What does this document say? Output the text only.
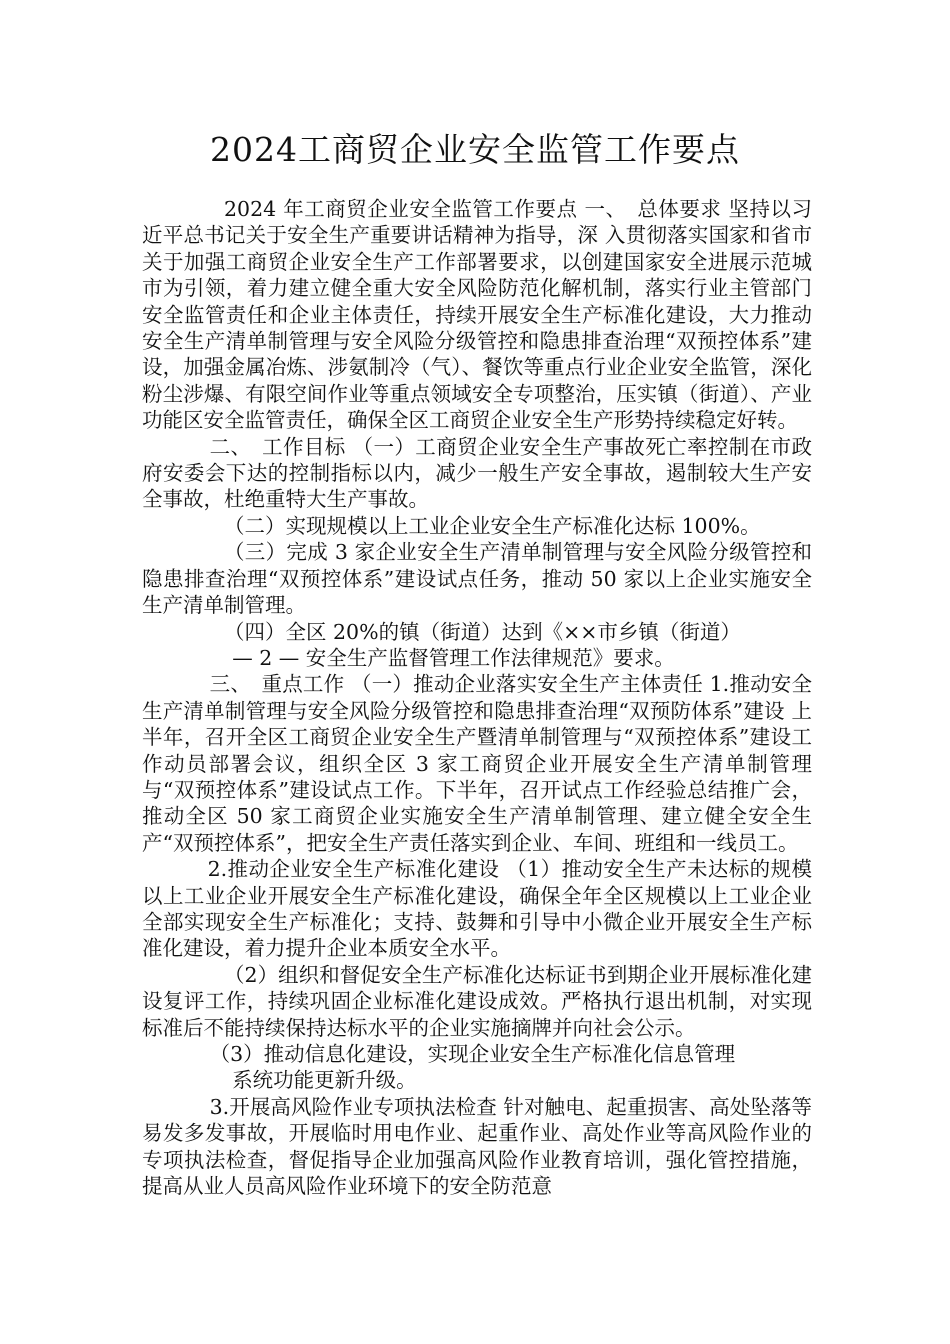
2024工商贸企业安全监管工作要点

2024 年工商贸企业安全监管工作要点 一、　总体要求 坚持以习近平总书记关于安全生产重要讲话精神为指导，深 入贯彻落实国家和省市关于加强工商贸企业安全生产工作部署要求，以创建国家安全进展示范城市为引领，着力建立健全重大安全风险防范化解机制，落实行业主管部门安全监管责任和企业主体责任，持续开展安全生产标准化建设，大力推动安全生产清单制管理与安全风险分级管控和隐患排查治理“双预控体系”建设，加强金属冶炼、涉氨制冷（气）、餐饮等重点行业企业安全监管，深化粉尘涉爆、有限空间作业等重点领域安全专项整治，压实镇（街道）、产业功能区安全监管责任，确保全区工商贸企业安全生产形势持续稳定好转。

二、　工作目标 （一）工商贸企业安全生产事故死亡率控制在市政府安委会下达的控制指标以内，减少一般生产安全事故，遏制较大生产安全事故，杜绝重特大生产事故。

（二）实现规模以上工业企业安全生产标准化达标 100%。

（三）完成 3 家企业安全生产清单制管理与安全风险分级管控和隐患排查治理“双预控体系”建设试点任务，推动 50 家以上企业实施安全生产清单制管理。

（四）全区 20%的镇（街道）达到《××市乡镇（街道）

— 2 — 安全生产监督管理工作法律规范》要求。

三、　重点工作 （一）推动企业落实安全生产主体责任 1.推动安全生产清单制管理与安全风险分级管控和隐患排查治理“双预防体系”建设 上半年，召开全区工商贸企业安全生产暨清单制管理与“双预控体系”建设工作动员部署会议，组织全区 3 家工商贸企业开展安全生产清单制管理与“双预控体系”建设试点工作。下半年，召开试点工作经验总结推广会，推动全区 50 家工商贸企业实施安全生产清单制管理、建立健全安全生产“双预控体系”，把安全生产责任落实到企业、车间、班组和一线员工。

2.推动企业安全生产标准化建设 （1）推动安全生产未达标的规模以上工业企业开展安全生产标准化建设，确保全年全区规模以上工业企业全部实现安全生产标准化；支持、鼓舞和引导中小微企业开展安全生产标准化建设，着力提升企业本质安全水平。

（2）组织和督促安全生产标准化达标证书到期企业开展标准化建设复评工作，持续巩固企业标准化建设成效。严格执行退出机制，对实现标准后不能持续保持达标水平的企业实施摘牌并向社会公示。

（3）推动信息化建设，实现企业安全生产标准化信息管理

系统功能更新升级。

3.开展高风险作业专项执法检查 针对触电、起重损害、高处坠落等易发多发事故，开展临时用电作业、起重作业、高处作业等高风险作业的专项执法检查，督促指导企业加强高风险作业教育培训，强化管控措施，提高从业人员高风险作业环境下的安全防范意
